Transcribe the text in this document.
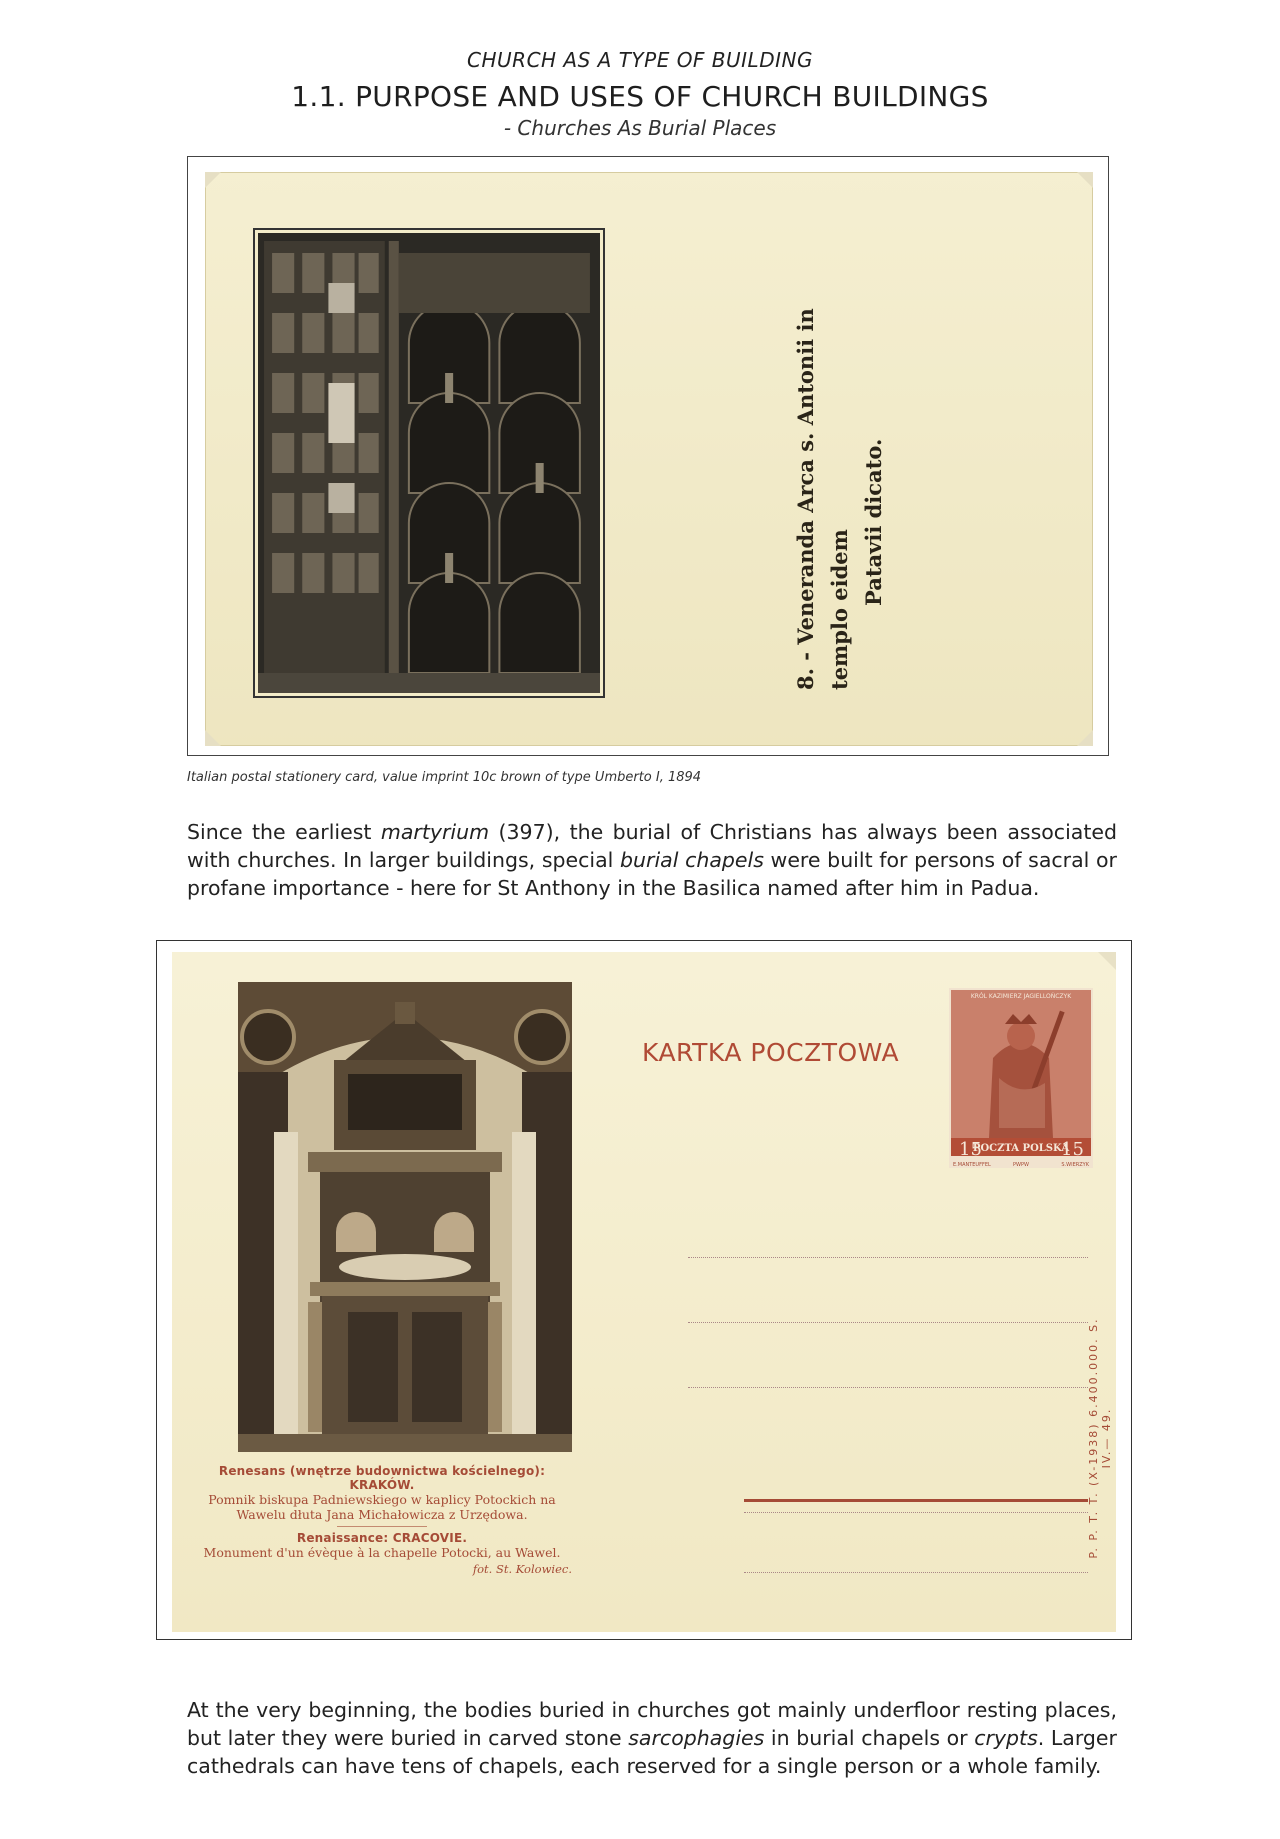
CHURCH AS A TYPE OF BUILDING
1.1. PURPOSE AND USES OF CHURCH BUILDINGS
- Churches As Burial Places
8. - Veneranda Arca s. Antonii in templo eidem
Patavii dicato.
Italian postal stationery card, value imprint 10c brown of type Umberto I, 1894
Since the earliest martyrium (397), the burial of Christians has always been associated with churches. In larger buildings, special burial chapels were built for persons of sacral or profane importance - here for St Anthony in the Basilica named after him in Padua.
Renesans (wnętrze budownictwa kościelnego): KRAKÓW.
Pomnik biskupa Padniewskiego w kaplicy Potockich na Wawelu dłuta Jana Michałowicza z Urzędowa.
Renaissance: CRACOVIE.
Monument d'un évèque à la chapelle Potocki, au Wawel.
fot. St. Kolowiec.
KARTKA POCZTOWA
KRÓL KAZIMIERZ JAGIELLOŃCZYK
15	15
POCZTA POLSKA
E.MANTEUFFEL	PWPW	S.WIERZYK
P. P. T. T. (X-1938) 6.400.000. S. IV.— 49.
At the very beginning, the bodies buried in churches got mainly underfloor resting places, but later they were buried in carved stone sarcophagies in burial chapels or crypts. Larger cathedrals can have tens of chapels, each reserved for a single person or a whole family.
